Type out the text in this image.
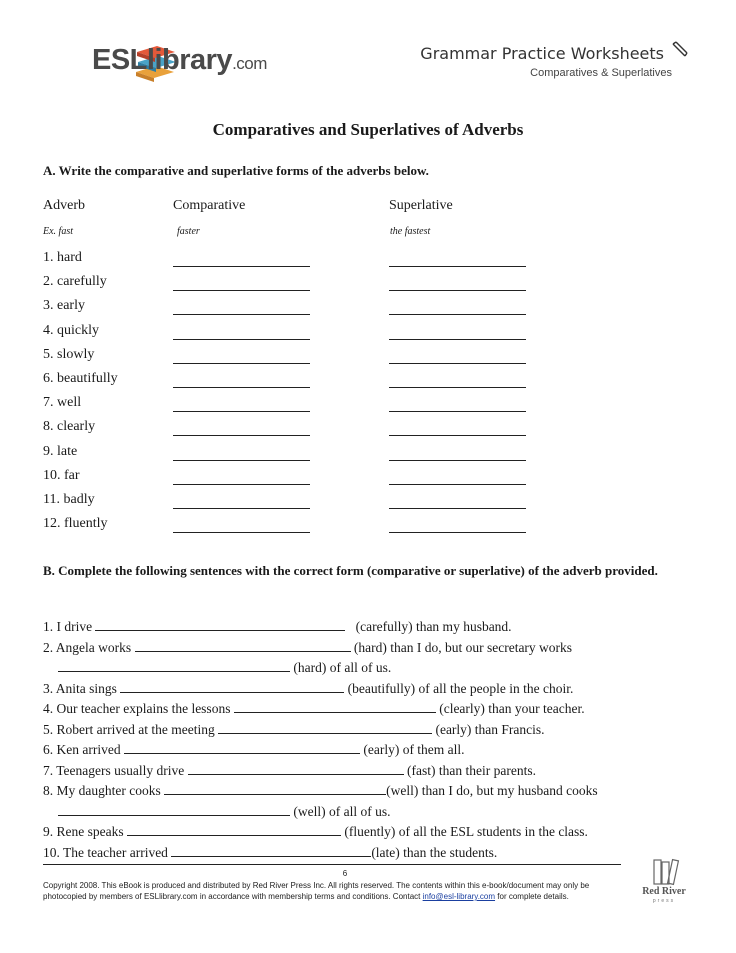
ESLlibrary.com
Grammar Practice Worksheets
Comparatives & Superlatives
Comparatives and Superlatives of Adverbs
A. Write the comparative and superlative forms of the adverbs below.
Adverb	Comparative	Superlative
Ex. fast	faster	the fastest
1. hard
2. carefully
3. early
4. quickly
5. slowly
6. beautifully
7. well
8. clearly
9. late
10. far
11. badly
12. fluently
B. Complete the following sentences with the correct form (comparative or superlative) of the adverb provided.
1. I drive	(carefully) than my husband.
2. Angela works	(hard) than I do, but our secretary works
(hard) of all of us.
3. Anita sings	(beautifully) of all the people in the choir.
4. Our teacher explains the lessons	(clearly) than your teacher.
5. Robert arrived at the meeting	(early) than Francis.
6. Ken arrived	(early) of them all.
7. Teenagers usually drive	(fast) than their parents.
8. My daughter cooks	(well) than I do, but my husband cooks
(well) of all of us.
9. Rene speaks	(fluently) of all the ESL students in the class.
10. The teacher arrived	(late) than the students.
6
Copyright 2008. This eBook is produced and distributed by Red River Press Inc. All rights reserved. The contents within this e-book/document may only be
photocopied by members of ESLlibrary.com in accordance with membership terms and conditions. Contact info@esl-library.com for complete details.	Red River
press
